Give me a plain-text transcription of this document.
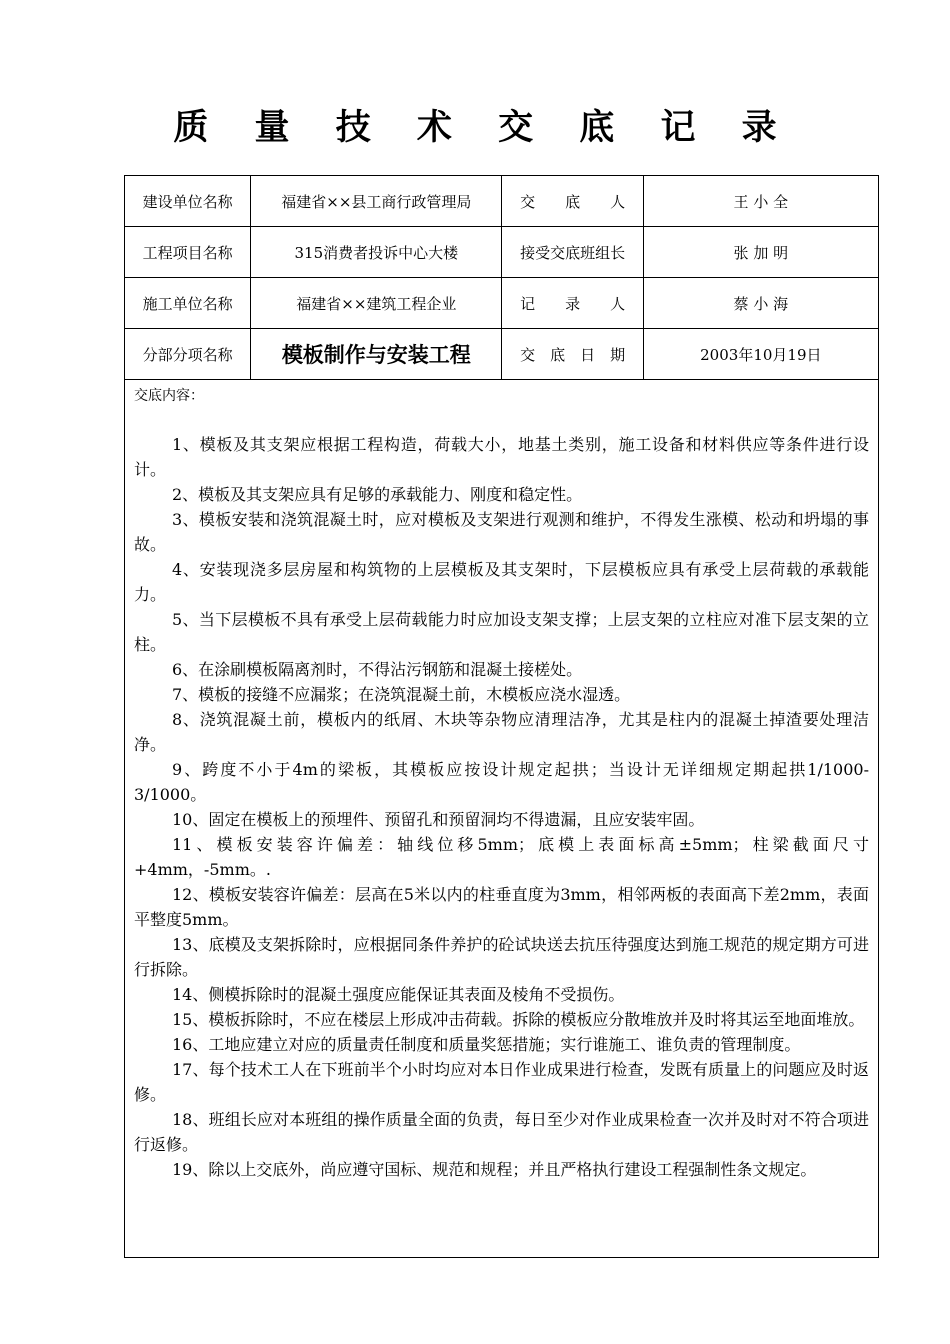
质 量 技 术 交 底 记 录
建设单位名称	福建省××县工商行政管理局	交　　底　　人	王 小 全
工程项目名称	315消费者投诉中心大楼	接受交底班组长	张 加 明
施工单位名称	福建省××建筑工程企业	记　　录　　人	蔡 小 海
分部分项名称	模板制作与安装工程	交　底　日　期	2003年10月19日

交底内容：

1、模板及其支架应根据工程构造，荷载大小，地基土类别，施工设备和材料供应等条件进行设计。

2、模板及其支架应具有足够的承载能力、刚度和稳定性。

3、模板安装和浇筑混凝土时，应对模板及支架进行观测和维护，不得发生涨模、松动和坍塌的事故。

4、安装现浇多层房屋和构筑物的上层模板及其支架时，下层模板应具有承受上层荷载的承载能力。

5、当下层模板不具有承受上层荷载能力时应加设支架支撑；上层支架的立柱应对准下层支架的立柱。

6、在涂刷模板隔离剂时，不得沾污钢筋和混凝土接槎处。

7、模板的接缝不应漏浆；在浇筑混凝土前，木模板应浇水湿透。

8、浇筑混凝土前，模板内的纸屑、木块等杂物应清理洁净，尤其是柱内的混凝土掉渣要处理洁净。

9、跨度不小于4m的梁板，其模板应按设计规定起拱；当设计无详细规定期起拱1/1000-3/1000。

10、固定在模板上的预埋件、预留孔和预留洞均不得遗漏，且应安装牢固。

11、模板安装容许偏差：轴线位移5mm；底模上表面标高±5mm；柱梁截面尺寸+4mm，-5mm。.

12、模板安装容许偏差：层高在5米以内的柱垂直度为3mm，相邻两板的表面高下差2mm，表面平整度5mm。

13、底模及支架拆除时，应根据同条件养护的砼试块送去抗压待强度达到施工规范的规定期方可进行拆除。

14、侧模拆除时的混凝土强度应能保证其表面及棱角不受损伤。

15、模板拆除时，不应在楼层上形成冲击荷载。拆除的模板应分散堆放并及时将其运至地面堆放。

16、工地应建立对应的质量责任制度和质量奖惩措施；实行谁施工、谁负责的管理制度。

17、每个技术工人在下班前半个小时均应对本日作业成果进行检查，发既有质量上的问题应及时返修。

18、班组长应对本班组的操作质量全面的负责，每日至少对作业成果检查一次并及时对不符合项进行返修。

19、除以上交底外，尚应遵守国标、规范和规程；并且严格执行建设工程强制性条文规定。
